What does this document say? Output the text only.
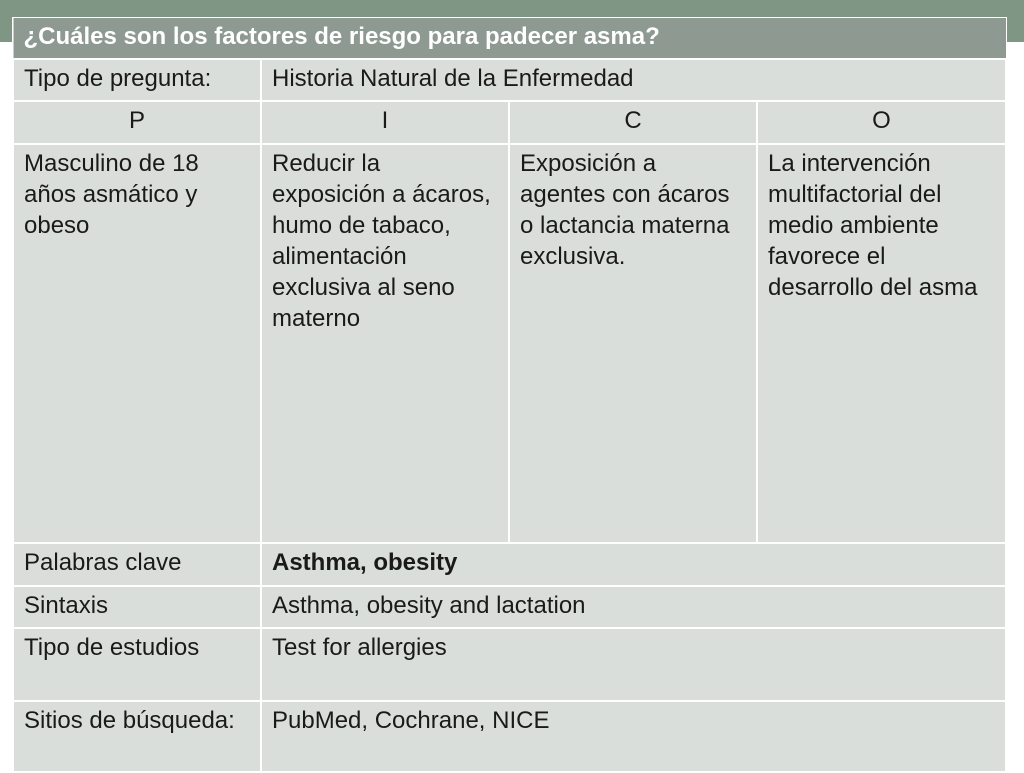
¿Cuáles son los factores de riesgo para padecer asma?			
Tipo de pregunta:	Historia Natural de la Enfermedad		
P	I	C	O
Masculino de 18 años asmático y obeso	Reducir la exposición a ácaros, humo de tabaco, alimentación exclusiva al seno materno	Exposición a agentes con ácaros o lactancia materna exclusiva.	La intervención multifactorial del medio ambiente favorece el desarrollo del asma
Palabras clave	Asthma, obesity		
Sintaxis	Asthma, obesity and lactation		
Tipo de estudios	Test for allergies		
Sitios de búsqueda:	PubMed, Cochrane, NICE		
